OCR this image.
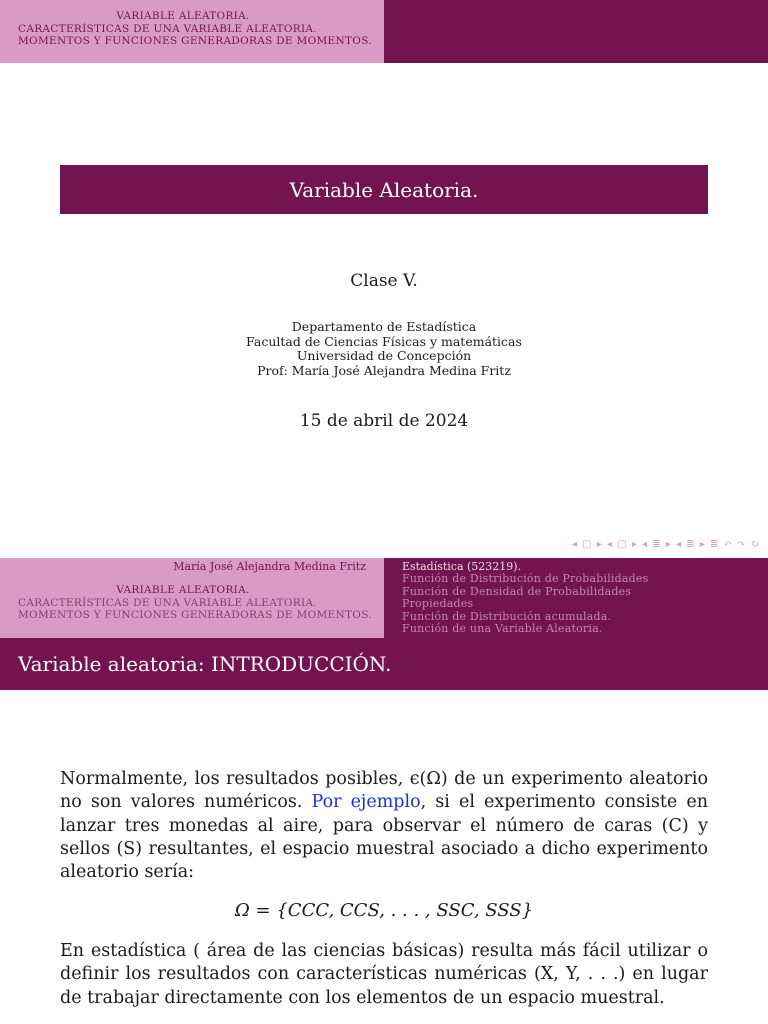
VARIABLE ALEATORIA.
CARACTERÍSTICAS DE UNA VARIABLE ALEATORIA.
MOMENTOS Y FUNCIONES GENERADORAS DE MOMENTOS.
Variable Aleatoria.
Clase V.
Departamento de Estadística
Facultad de Ciencias Físicas y matemáticas
Universidad de Concepción
Prof: María José Alejandra Medina Fritz
15 de abril de 2024
◂ ▢ ▸ ◂ ▢ ▸ ◂ ≣ ▸ ◂ ≣ ▸ ≣ ↶ ↷ ↻
María José Alejandra Medina Fritz
VARIABLE ALEATORIA.
CARACTERÍSTICAS DE UNA VARIABLE ALEATORIA.
MOMENTOS Y FUNCIONES GENERADORAS DE MOMENTOS.
Estadística (523219).
Función de Distribución de Probabilidades
Función de Densidad de Probabilidades
Propiedades
Función de Distribución acumulada.
Función de una Variable Aleatoria.
Variable aleatoria: INTRODUCCIÓN.
Normalmente, los resultados posibles, ϵ(Ω) de un experimento aleatorio no son valores numéricos. Por ejemplo, si el experimento consiste en lanzar tres monedas al aire, para observar el número de caras (C) y sellos (S) resultantes, el espacio muestral asociado a dicho experimento aleatorio sería:
Ω = {CCC, CCS, . . . , SSC, SSS}
En estadística ( área de las ciencias básicas) resulta más fácil utilizar o definir los resultados con características numéricas (X, Y, . . .) en lugar de trabajar directamente con los elementos de un espacio muestral.
